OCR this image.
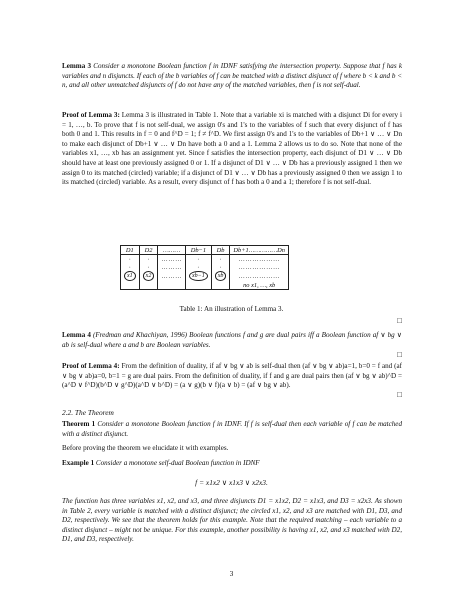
Lemma 3 Consider a monotone Boolean function f in IDNF satisfying the intersection property. Suppose that f has k variables and n disjuncts. If each of the b variables of f can be matched with a distinct disjunct of f where b < k and b < n, and all other unmatched disjuncts of f do not have any of the matched variables, then f is not self-dual.
Proof of Lemma 3: Lemma 3 is illustrated in Table 1. Note that a variable xi is matched with a disjunct Di for every i = 1, …, b. To prove that f is not self-dual, we assign 0's and 1's to the variables of f such that every disjunct of f has both 0 and 1. This results in f = 0 and f^D = 1; f ≠ f^D. We first assign 0's and 1's to the variables of Db+1 ∨ … ∨ Dn to make each disjunct of Db+1 ∨ … ∨ Dn have both a 0 and a 1. Lemma 2 allows us to do so. Note that none of the variables x1, …, xb has an assignment yet. Since f satisfies the intersection property, each disjunct of D1 ∨ … ∨ Db should have at least one previously assigned 0 or 1. If a disjunct of D1 ∨ … ∨ Db has a previously assigned 1 then we assign 0 to its matched (circled) variable; if a disjunct of D1 ∨ … ∨ Db has a previously assigned 0 then we assign 1 to its matched (circled) variable. As a result, every disjunct of f has both a 0 and a 1; therefore f is not self-dual.
D1	D2	………	Db−1	Db	Db+1……………Dn
·	·	………	·	·	………………
·	·	………	·	·	………………
x1	x2	………	xb−1	xb	………………
					no x1, …, xb
Table 1: An illustration of Lemma 3.
□
Lemma 4 (Fredman and Khachiyan, 1996) Boolean functions f and g are dual pairs iff a Boolean function af ∨ bg ∨ ab is self-dual where a and b are Boolean variables.
□
Proof of Lemma 4: From the definition of duality, if af ∨ bg ∨ ab is self-dual then (af ∨ bg ∨ ab)a=1, b=0 = f and (af ∨ bg ∨ ab)a=0, b=1 = g are dual pairs. From the definition of duality, if f and g are dual pairs then (af ∨ bg ∨ ab)^D = (a^D ∨ f^D)(b^D ∨ g^D)(a^D ∨ b^D) = (a ∨ g)(b ∨ f)(a ∨ b) = (af ∨ bg ∨ ab).
□
2.2. The Theorem
Theorem 1 Consider a monotone Boolean function f in IDNF. If f is self-dual then each variable of f can be matched with a distinct disjunct.
Before proving the theorem we elucidate it with examples.
Example 1 Consider a monotone self-dual Boolean function in IDNF
f = x1x2 ∨ x1x3 ∨ x2x3.
The function has three variables x1, x2, and x3, and three disjuncts D1 = x1x2, D2 = x1x3, and D3 = x2x3. As shown in Table 2, every variable is matched with a distinct disjunct; the circled x1, x2, and x3 are matched with D1, D3, and D2, respectively. We see that the theorem holds for this example. Note that the required matching – each variable to a distinct disjunct – might not be unique. For this example, another possibility is having x1, x2, and x3 matched with D2, D1, and D3, respectively.
3
